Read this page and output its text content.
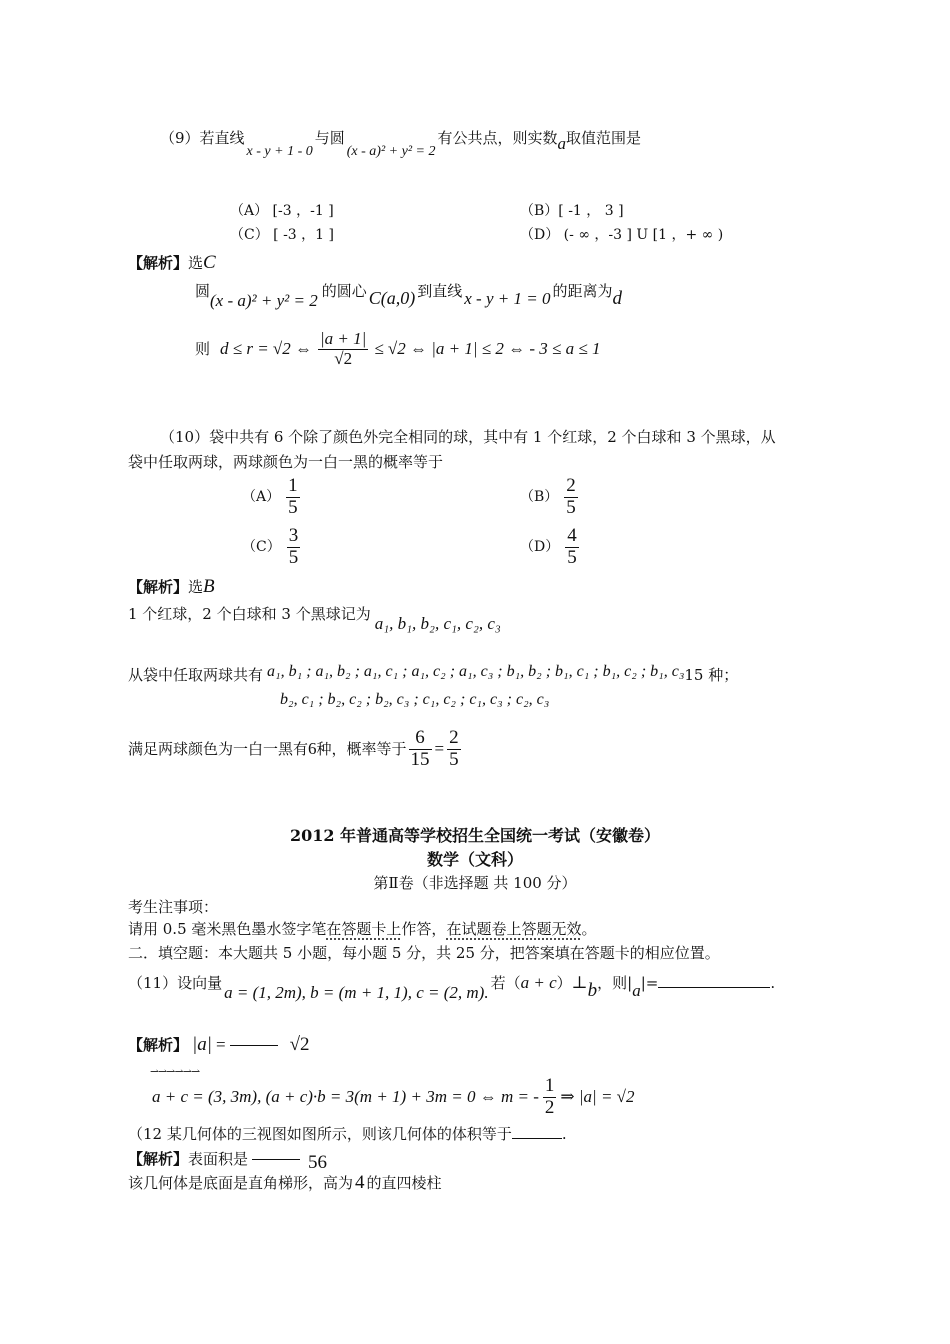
（9）若直线x - y + 1 - 0与圆(x - a)² + y² = 2有公共点，则实数a取值范围是
（A） [-3 ，-1 ]	（B）[ -1 ， 3 ]
（C） [ -3 ，1 ]	（D） (- ∞ ，-3 ] U [1 ，+ ∞ )
【解析】选C
圆(x - a)² + y² = 2 的圆心 C(a,0) 到直线 x - y + 1 = 0 的距离为d
则 d ≤ r = √2 ⇔ $\frac{|a + 1|}{√2} \le √2$ ⇔ |a + 1| ≤ 2 ⇔ - 3 ≤ a ≤ 1
（10）袋中共有 6 个除了颜色外完全相同的球，其中有 1 个红球，2 个白球和 3 个黑球，从
袋中任取两球，两球颜色为一白一黑的概率等于
$(A) \frac{1}{5}$	$(B) \frac{2}{5}$
$(C) \frac{3}{5}$	$(D) \frac{4}{5}$
【解析】选B
1 个红球，2 个白球和 3 个黑球记为 a₁, b₁, b₂, c₁, c₂, c₃
从袋中任取两球共有 a₁, b₁ ; a₁, b₂ ; a₁, c₁ ; a₁, c₂ ; a₁, c₃ ; b₁, b₂ ; b₁, c₁ ; b₁, c₂ ; b₁, c₃15 种；
b₂, c₁ ; b₂, c₂ ; b₂, c₃ ; c₁, c₂ ; c₁, c₃ ; c₂, c₃
满足两球颜色为一白一黑有 6 种，概率等于 $\frac{6}{15} = \frac{2}{5}$
2012 年普通高等学校招生全国统一考试（安徽卷）
数学（文科）
第Ⅱ卷（非选择题 共 100 分）
考生注事项：
请用 0.5 毫米黑色墨水签字笔在答题卡上作答，在试题卷上答题无效。
二．填空题：本大题共 5 小题，每小题 5 分，共 25 分，把答案填在答题卡的相应位置。
（11）设向量 a = (1, 2m), b = (m + 1, 1), c = (2, m). 若（a + c）⊥b，则|a|=	.
【解析】 |a| =	√2
⇀⇀⇀⇀⇀⇀
a + c = (3, 3m), (a + c)·b = 3(m + 1) + 3m = 0 ⇔ m = - $\frac{1}{2}$ ⇒ |a| = √2
（12 某几何体的三视图如图所示，则该几何体的体积等于	.
【解析】 表面积是	56
该几何体是底面是直角梯形，高为 4 的直四棱柱
